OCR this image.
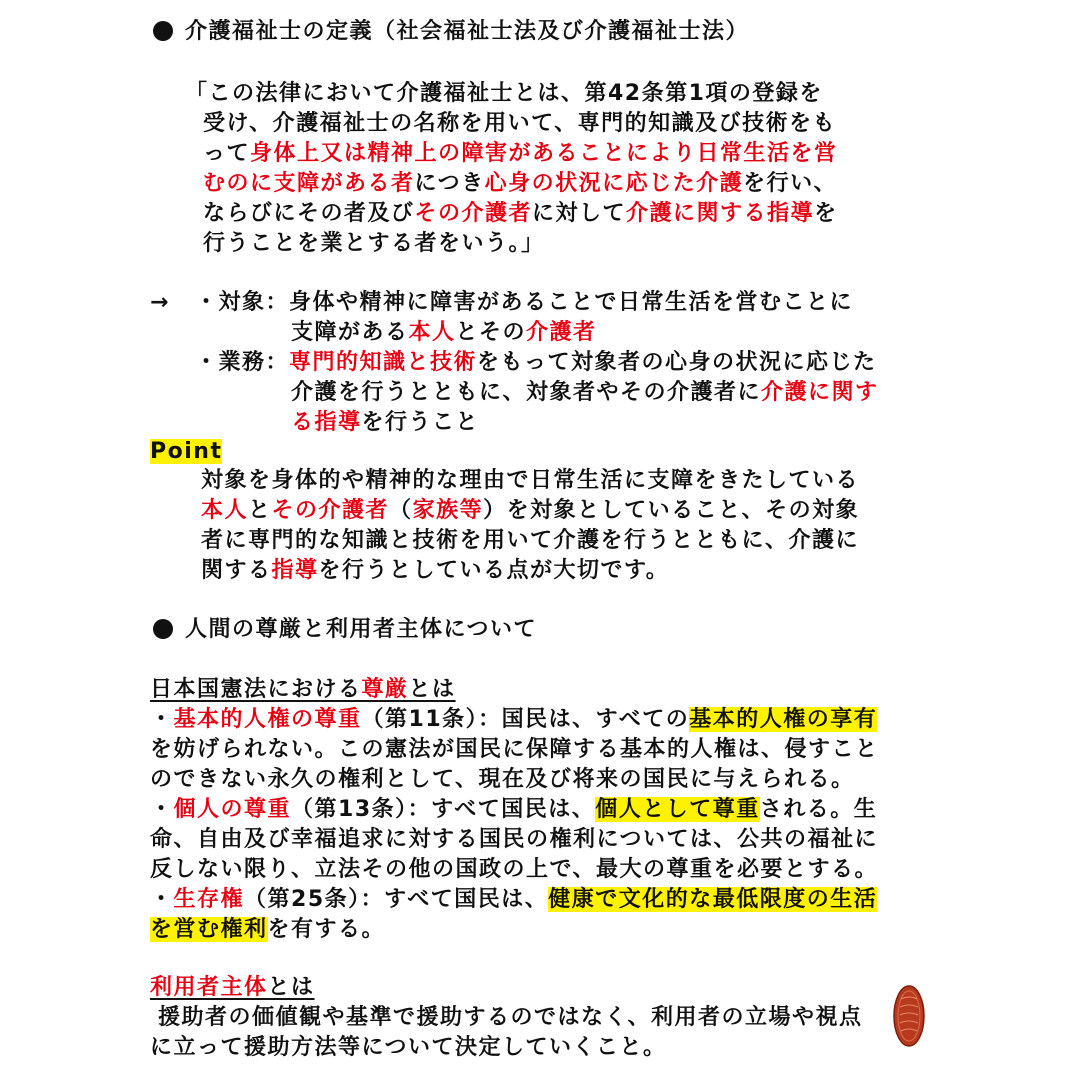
介護福祉士の定義（社会福祉士法及び介護福祉士法）
「この法律において介護福祉士とは、第42条第1項の登録を
受け、介護福祉士の名称を用いて、専門的知識及び技術をも
って身体上又は精神上の障害があることにより日常生活を営
むのに支障がある者につき心身の状況に応じた介護を行い、
ならびにその者及びその介護者に対して介護に関する指導を
行うことを業とする者をいう。」
→ ・対象：身体や精神に障害があることで日常生活を営むことに
支障がある本人とその介護者
・業務：専門的知識と技術をもって対象者の心身の状況に応じた
介護を行うとともに、対象者やその介護者に介護に関す
る指導を行うこと
Point
対象を身体的や精神的な理由で日常生活に支障をきたしている
本人とその介護者（家族等）を対象としていること、その対象
者に専門的な知識と技術を用いて介護を行うとともに、介護に
関する指導を行うとしている点が大切です。
人間の尊厳と利用者主体について
日本国憲法における尊厳とは
・基本的人権の尊重（第11条）：国民は、すべての基本的人権の享有
を妨げられない。この憲法が国民に保障する基本的人権は、侵すこと
のできない永久の権利として、現在及び将来の国民に与えられる。
・個人の尊重（第13条）：すべて国民は、個人として尊重される。生
命、自由及び幸福追求に対する国民の権利については、公共の福祉に
反しない限り、立法その他の国政の上で、最大の尊重を必要とする。
・生存権（第25条）：すべて国民は、健康で文化的な最低限度の生活
を営む権利を有する。
利用者主体とは
援助者の価値観や基準で援助するのではなく、利用者の立場や視点
に立って援助方法等について決定していくこと。
